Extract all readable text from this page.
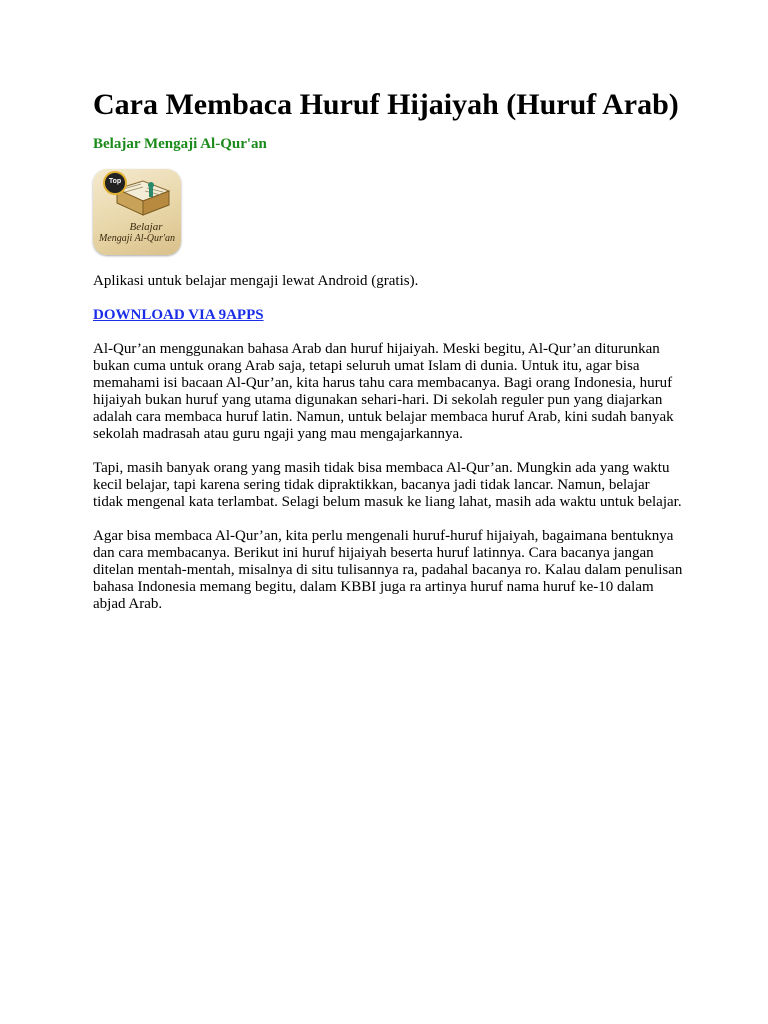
Cara Membaca Huruf Hijaiyah (Huruf Arab)
Belajar Mengaji Al-Qur'an
Top
Belajar
Mengaji Al-Qur'an

Aplikasi untuk belajar mengaji lewat Android (gratis).

DOWNLOAD VIA 9APPS

Al-Qur’an menggunakan bahasa Arab dan huruf hijaiyah. Meski begitu, Al-Qur’an diturunkan bukan cuma untuk orang Arab saja, tetapi seluruh umat Islam di dunia. Untuk itu, agar bisa memahami isi bacaan Al-Qur’an, kita harus tahu cara membacanya. Bagi orang Indonesia, huruf hijaiyah bukan huruf yang utama digunakan sehari-hari. Di sekolah reguler pun yang diajarkan adalah cara membaca huruf latin. Namun, untuk belajar membaca huruf Arab, kini sudah banyak sekolah madrasah atau guru ngaji yang mau mengajarkannya.

Tapi, masih banyak orang yang masih tidak bisa membaca Al-Qur’an. Mungkin ada yang waktu kecil belajar, tapi karena sering tidak dipraktikkan, bacanya jadi tidak lancar. Namun, belajar tidak mengenal kata terlambat. Selagi belum masuk ke liang lahat, masih ada waktu untuk belajar.

Agar bisa membaca Al-Qur’an, kita perlu mengenali huruf-huruf hijaiyah, bagaimana bentuknya dan cara membacanya. Berikut ini huruf hijaiyah beserta huruf latinnya. Cara bacanya jangan ditelan mentah-mentah, misalnya di situ tulisannya ra, padahal bacanya ro. Kalau dalam penulisan bahasa Indonesia memang begitu, dalam KBBI juga ra artinya huruf nama huruf ke-10 dalam abjad Arab.
